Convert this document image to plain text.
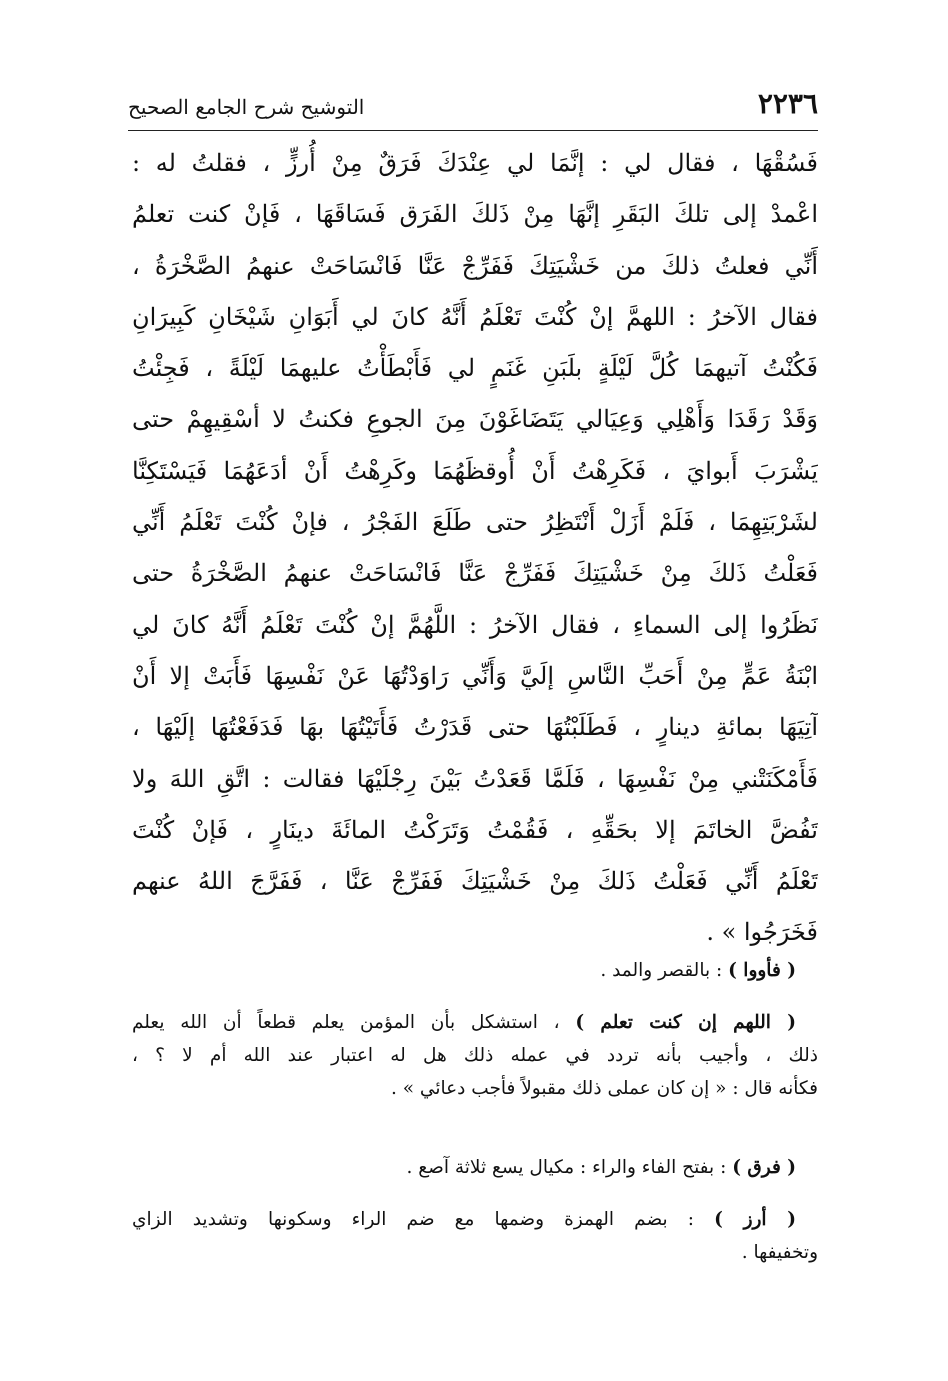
٢٢٣٦
التوشيح شرح الجامع الصحيح
فَسُقْهَا ، فقال لي : إنَّمَا لي عِنْدَكَ فَرَقٌ مِنْ أُرزٍّ ، فقلتُ له :
اعْمدْ إلى تلكَ البَقَرِ إنَّهَا مِنْ ذَلكَ الفَرَق فَسَاقَهَا ، فَإنْ كنت تعلمُ
أَنِّي فعلتُ ذلكَ من خَشْيَتِكَ فَفَرِّجْ عَنَّا فَانْسَاحَتْ عنهمُ الصَّخْرَةُ ،
فقال الآخرُ : اللهمَّ إنْ كُنْتَ تَعْلَمُ أَنَّهُ كانَ لي أَبَوَانِ شَيْخَانِ كَبِيرَانِ
فَكُنْتُ آتيهمَا كُلَّ لَيْلَةٍ بلَبَنِ غَنَمٍ لي فَأَبْطَأْتُ عليهمَا لَيْلَةً ، فَجِئْتُ
وَقَدْ رَقَدَا وَأَهْلِي وَعِيَالي يَتَضَاغَوْنَ مِنَ الجوعِ فكنتُ لا أسْقِيهِمْ حتى
يَشْرَبَ أَبوايَ ، فَكَرِهْتُ أَنْ أُوقظَهُمَا وكَرِهْتُ أَنْ أدَعَهُمَا فَيَسْتَكِنَّا
لشَرْبَتِهِمَا ، فَلَمْ أَزَلْ أَنْتَظِرُ حتى طَلَعَ الفَجْرُ ، فإنْ كُنْتَ تَعْلَمُ أَنِّي
فَعَلْتُ ذَلكَ مِنْ خَشْيَتِكَ فَفَرِّجْ عَنَّا فَانْسَاحَتْ عنهمُ الصَّخْرَةُ حتى
نَظَرُوا إلى السماءِ ، فقال الآخرُ : اللَّهُمَّ إنْ كُنْتَ تَعْلَمُ أَنَّهُ كانَ لي
ابْنَةُ عَمٍّ مِنْ أَحَبِّ النَّاسِ إلَيَّ وَأَنِّي رَاوَدْتُهَا عَنْ نَفْسِهَا فَأَبَتْ إلا أَنْ
آتِيَهَا بمائةِ دينارٍ ، فَطَلَبْتُهَا حتى قَدَرْتُ فَأَتَيْتُهَا بهَا فَدَفَعْتُهَا إلَيْهَا ،
فَأَمْكَنَتْني مِنْ نَفْسِهَا ، فَلَمَّا قَعَدْتُ بَيْنَ رِجْلَيْهَا فقالت : اتَّقِ اللهَ ولا
تَفُضَّ الخاتَمَ إلا بحَقِّهِ ، فَقُمْتُ وَتَرَكْتُ المائَةَ دينَارٍ ، فَإنْ كُنْتَ
تَعْلَمُ أَنِّي فَعَلْتُ ذَلكَ مِنْ خَشْيَتِكَ فَفَرِّجْ عَنَّا ، فَفَرَّجَ اللهُ عنهم
فَخَرَجُوا » .
( فأووا ) : بالقصر والمد .
( اللهم إن كنت تعلم ) ، استشكل بأن المؤمن يعلم قطعاً أن الله يعلم
ذلك ، وأجيب بأنه تردد في عمله ذلك هل له اعتبار عند الله أم لا ؟ ،
فكأنه قال : « إن كان عملى ذلك مقبولاً فأجب دعائي » .
( فرق ) : بفتح الفاء والراء : مكيال يسع ثلاثة آصع .
( أرز ) : بضم الهمزة وضمها مع ضم الراء وسكونها وتشديد الزاي
وتخفيفها .
